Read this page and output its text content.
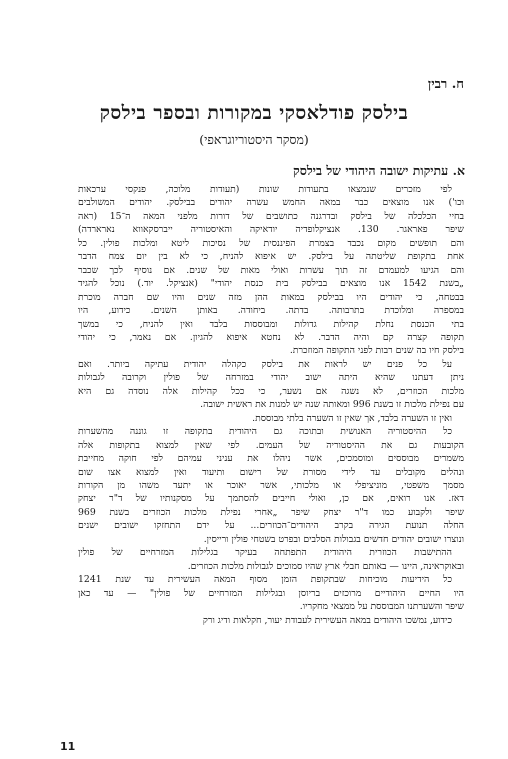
ח. רבין
בילסק פודלאסקי במקורות ובספר בילסק
(מסקר היסטוריוגראפי)
א. עתיקות ישובה היהודי של בילסק
לפי מזכרים שנמצאו בתעודות שונות (תעודות מלוכה, פנקסי ערכאות
וכו') אנו מוצאים כבר במאה החמש עשרה יהודים בבילסק. יהודים המשולבים
בחיי הכלכלה של בילסק ובדרגנה כתושבים של דורות מלפני המאה ה־15 (ראה
שיפר פאראגר. 130. אנציקלופדיה יודאיקה והאיסטוריה ייברסקאווא נארארדה)
והם תופשים מקום נכבד בצמרת הפיננסית של נסיכות ליטא ומלכות פולין. כל
אחת בתקופת שליטתה על בילסק. יש איפוא להניח, כי לא בין יום צמח הדבר
והם הגיעו למעמדם זה תוך עשרות ואולי מאות של שנים. אם נוסיף לכך שכבר
„בשנת 1542 אנו מוצאים בבילסק בית כנסת יהודי" (אנציקל. יוד.) נוכל להגיד
בבטחה, כי יהודים היו בבילסק במאות ההן מזה שנים והיו שם חברה מוכרת
במספרה ומלוכדת בתרבותה. בדתה. ביחודה. באותן השנים. כידוע, היו
בתי הכנסת נחלת קהילות גדולות ומבוססות בלבד ואין להניח, כי במשך
תקופה קצרה קם והיה הדבר. לא נחטא איפוא להגיון. אם נאמר, כי יהודי
בילסק חיו בה שנים רבות לפני התקופה המוזכרת.
על כל פנים יש לראות את בילסק כקהלה יהודית עתיקה ביותר. ואם
ניתן דעתנו שהיא היתה ישוב יהודי במזרחה של פולין וקרובה לגבולות
מלכות הכוזרים, לא נשגה אם נשער, כי ככל קהילות אלה נוסדה גם היא
עם נפילת מלכות זו בשנת 996 ומאותה שנה יש למנות את ראשית ישובה.
ואין זו השערה בלבד, אך שאין זו השערה בלתי מבוססת.
כל ההיסטוריה האנושית ובתוכה גם היהודית בתקופה זו גוננה מהשערות
הקובעות גם את ההיסטוריה של העמים. לפי שאין למצוא בתקופות אלה
משמרים מבוססים ומוסמכים, אשר ניהלו את עניני עמיהם לפי חוקה מחייבת
ונהלים מקובלים עד לידי מסורת של רישום ותיעוד ואין למצוא אצו שום
מסמך משפטי, מוניציפלי או מלכותי, אשר יאוכר או יתעד משהו מן הקורות
דאז. אנו רואים, אם כן, ואולי חייבים להסתמך על מסקנותיו של ד"ר יצחק
שיפר ולקבוע כמו ד"ר יצחק שיפר „אחרי נפילת מלכות הכוזרים בשנת 969
החלה תנועת הגירה בקרב היהודים־הכוזרים... על ידם התחזקו ישובים ישנים
ונוצרו ישובים יהודים חדשים בגבולות הסלבים ובפרט בשטחי פולין ורייסין.
ההתישבות הכוזרית היהודית התפתחה בעיקר בגלילות המזרחיים של פולין
ובאוקראינה, היינו — באותם חבלי ארץ שהיו סמוכים לגבולות מלכות הכוזרים.
כל הידיעות מוכיחות שבתקופת הזמן מסוף המאה העשירית עד שנת 1241
היו החיים היהודיים מרוכזים בריוסן ובגלילות המזרחיים של פולין" — עד כאן
שיפר והשערתנו המבוססת על ממצאי מחקריו.
כידוע, נמשכו היהודים במאה העשירית לעבודת יעור, חקלאות ודיג ורק
11
